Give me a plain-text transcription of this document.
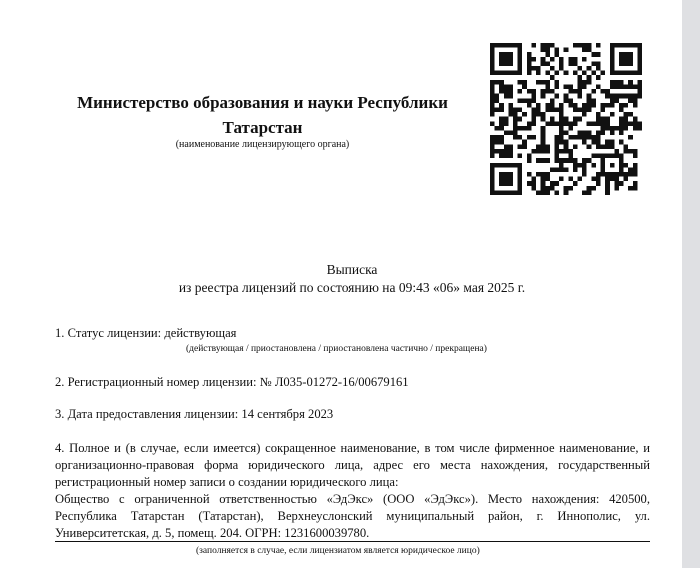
Министерство образования и науки Республики
Татарстан
(наименование лицензирующего органа)
Выписка
из реестра лицензий по состоянию на 09:43 «06» мая 2025 г.
1. Статус лицензии: действующая
(действующая / приостановлена / приостановлена частично / прекращена)
2. Регистрационный номер лицензии: № Л035-01272-16/00679161
3. Дата предоставления лицензии: 14 сентября 2023
4. Полное и (в случае, если имеется) сокращенное наименование, в том числе фирменное наименование, и
организационно-правовая форма юридического лица, адрес его места нахождения, государственный
регистрационный номер записи о создании юридического лица:
Общество с ограниченной ответственностью «ЭдЭкс» (ООО «ЭдЭкс»). Место нахождения: 420500,
Республика Татарстан (Татарстан), Верхнеуслонский муниципальный район, г. Иннополис, ул.
Университетская, д. 5, помещ. 204. ОГРН: 1231600039780.
(заполняется в случае, если лицензиатом является юридическое лицо)
